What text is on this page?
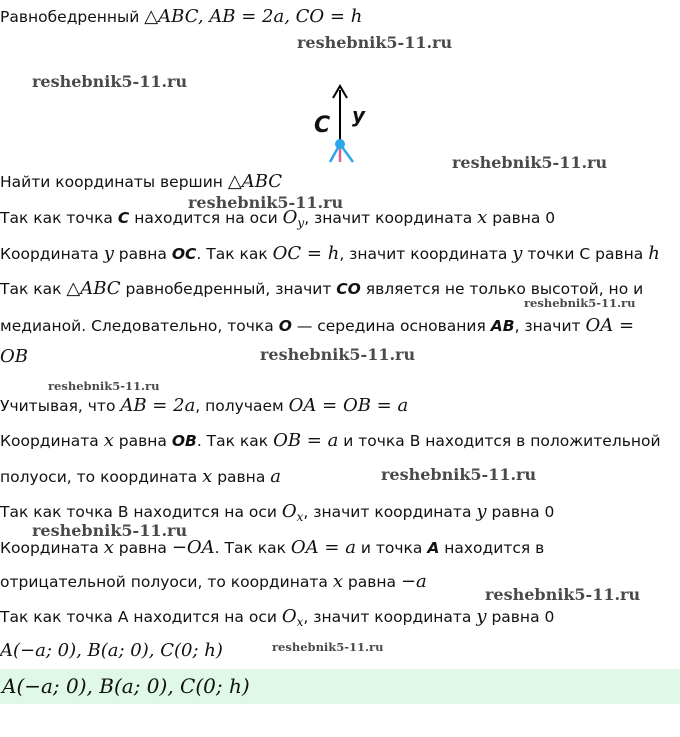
Равнобедренный △ABC, AB = 2a, CO = h
C y
Найти координаты вершин △ABC
Так как точка C находится на оси $O_y$, значит координата x равна 0
Координата y равна OC. Так как OC = h, значит координата y точки C равна h
Так как △ABC равнобедренный, значит CO является не только высотой, но и
медианой. Следовательно, точка O — середина основания AB, значит OA =
OB
Учитывая, что AB = 2a, получаем OA = OB = a
Координата x равна OB. Так как OB = a и точка B находится в положительной
полуоси, то координата x равна a
Так как точка B находится на оси $O_x$, значит координата y равна 0
Координата x равна −OA. Так как OA = a и точка A находится в
отрицательной полуоси, то координата x равна −a
Так как точка A находится на оси $O_x$, значит координата y равна 0
A(−a; 0), B(a; 0), C(0; h)
A(−a; 0), B(a; 0), C(0; h)
reshebnik5-11.ru
reshebnik5-11.ru
reshebnik5-11.ru
reshebnik5-11.ru
reshebnik5-11.ru
reshebnik5-11.ru
reshebnik5-11.ru
reshebnik5-11.ru
reshebnik5-11.ru
reshebnik5-11.ru
reshebnik5-11.ru
